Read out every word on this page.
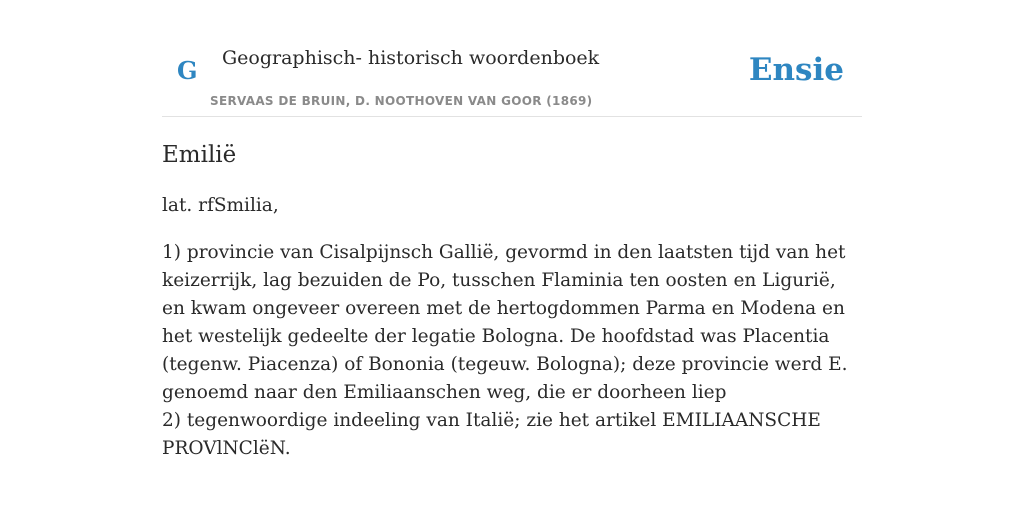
G Geographisch- historisch woordenboek
SERVAAS DE BRUIN, D. NOOTHOVEN VAN GOOR (1869)
Ensie
Emilië

lat. rfSmilia,

1) provincie van Cisalpijnsch Gallië, gevormd in den laatsten tijd van het keizerrijk, lag bezuiden de Po, tusschen Flaminia ten oosten en Ligurië, en kwam ongeveer overeen met de hertogdommen Parma en Modena en het westelijk gedeelte der legatie Bologna. De hoofdstad was Placentia (tegenw. Piacenza) of Bononia (tegeuw. Bologna); deze provincie werd E. genoemd naar den Emiliaanschen weg, die er doorheen liep

2) tegenwoordige indeeling van Italië; zie het artikel EMILIAANSCHE PROVlNClëN.
